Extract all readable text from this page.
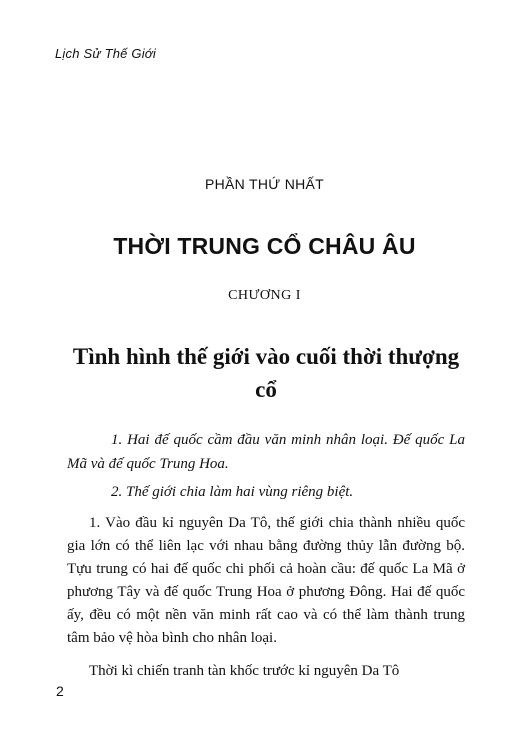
Lịch Sử Thế Giới
PHẦN THỨ NHẤT
THỜI TRUNG CỔ CHÂU ÂU
CHƯƠNG I
Tình hình thế giới vào cuối thời thượng cổ

1. Hai đế quốc cầm đầu văn minh nhân loại. Đế quốc La Mã và đế quốc Trung Hoa.

2. Thế giới chia làm hai vùng riêng biệt.

1. Vào đầu kỉ nguyên Da Tô, thế giới chia thành nhiều quốc gia lớn có thể liên lạc với nhau bằng đường thủy lẫn đường bộ. Tựu trung có hai đế quốc chi phối cả hoàn cầu: đế quốc La Mã ở phương Tây và đế quốc Trung Hoa ở phương Đông. Hai đế quốc ấy, đều có một nền văn minh rất cao và có thể làm thành trung tâm bảo vệ hòa bình cho nhân loại.

Thời kì chiến tranh tàn khốc trước kỉ nguyên Da Tô

2
